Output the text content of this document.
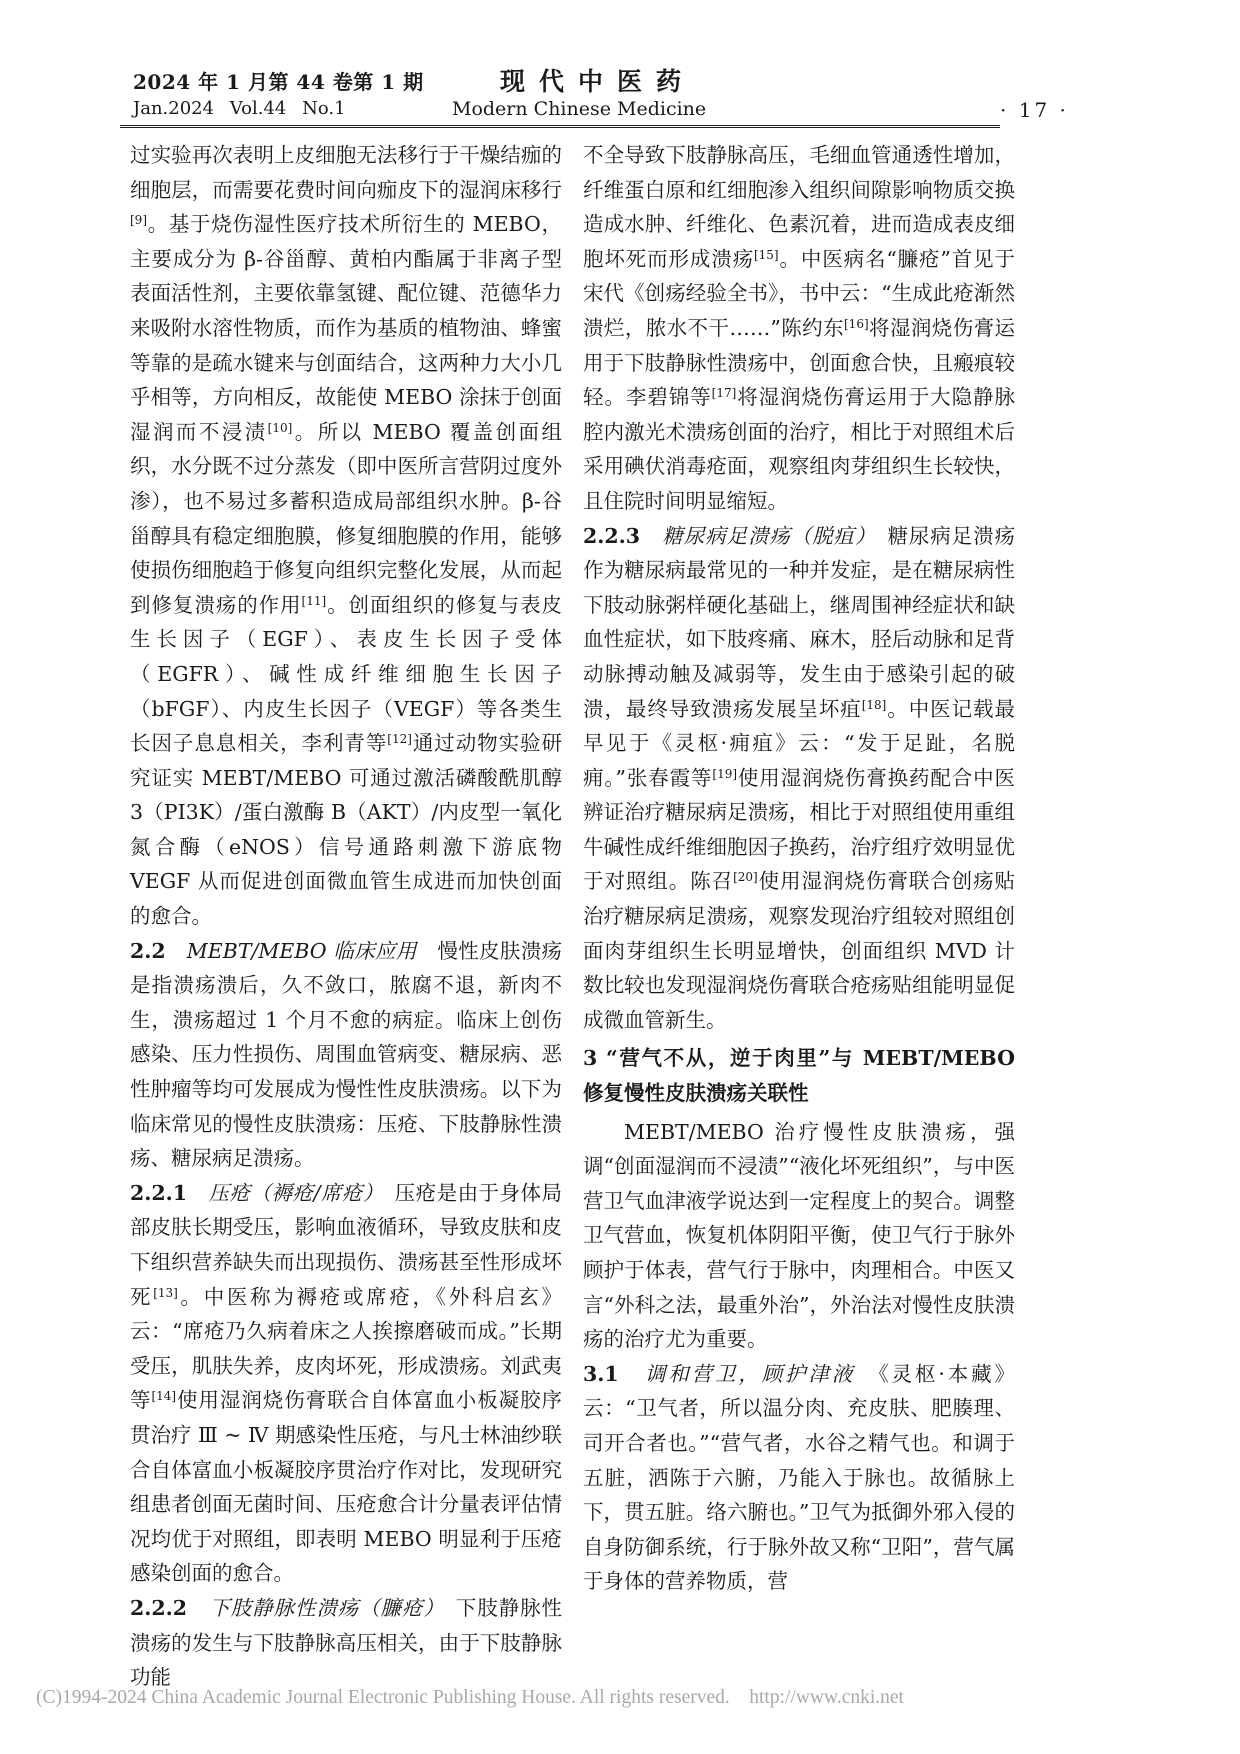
2024 年 1 月第 44 卷第 1 期	现代中医药
Jan.2024 Vol.44 No.1	Modern Chinese Medicine	· 17 ·

过实验再次表明上皮细胞无法移行于干燥结痂的细胞层，而需要花费时间向痂皮下的湿润床移行[9]。基于烧伤湿性医疗技术所衍生的 MEBO，主要成分为 β-谷甾醇、黄柏内酯属于非离子型表面活性剂，主要依靠氢键、配位键、范德华力来吸附水溶性物质，而作为基质的植物油、蜂蜜等靠的是疏水键来与创面结合，这两种力大小几乎相等，方向相反，故能使 MEBO 涂抹于创面湿润而不浸渍[10]。所以 MEBO 覆盖创面组织，水分既不过分蒸发（即中医所言营阴过度外渗），也不易过多蓄积造成局部组织水肿。β-谷甾醇具有稳定细胞膜，修复细胞膜的作用，能够使损伤细胞趋于修复向组织完整化发展，从而起到修复溃疡的作用[11]。创面组织的修复与表皮生长因子（EGF）、表皮生长因子受体（EGFR）、碱性成纤维细胞生长因子（bFGF）、内皮生长因子（VEGF）等各类生长因子息息相关，李利青等[12]通过动物实验研究证实 MEBT/MEBO 可通过激活磷酸酰肌醇 3（PI3K）/蛋白激酶 B（AKT）/内皮型一氧化氮合酶（eNOS）信号通路刺激下游底物 VEGF 从而促进创面微血管生成进而加快创面的愈合。

2.2　 MEBT/MEBO 临床应用　 慢性皮肤溃疡是指溃疡溃后，久不敛口，脓腐不退，新肉不生，溃疡超过 1 个月不愈的病症。临床上创伤感染、压力性损伤、周围血管病变、糖尿病、恶性肿瘤等均可发展成为慢性性皮肤溃疡。以下为临床常见的慢性皮肤溃疡：压疮、下肢静脉性溃疡、糖尿病足溃疡。

2.2.1　 压疮（褥疮/席疮）　 压疮是由于身体局部皮肤长期受压，影响血液循环，导致皮肤和皮下组织营养缺失而出现损伤、溃疡甚至性形成坏死[13]。中医称为褥疮或席疮，《外科启玄》云：“席疮乃久病着床之人挨擦磨破而成。”长期受压，肌肤失养，皮肉坏死，形成溃疡。刘武夷等[14]使用湿润烧伤膏联合自体富血小板凝胶序贯治疗 Ⅲ ~ Ⅳ 期感染性压疮，与凡士林油纱联合自体富血小板凝胶序贯治疗作对比，发现研究组患者创面无菌时间、压疮愈合计分量表评估情况均优于对照组，即表明 MEBO 明显利于压疮感染创面的愈合。

2.2.2　 下肢静脉性溃疡（臁疮）　 下肢静脉性溃疡的发生与下肢静脉高压相关，由于下肢静脉功能

不全导致下肢静脉高压，毛细血管通透性增加，纤维蛋白原和红细胞渗入组织间隙影响物质交换造成水肿、纤维化、色素沉着，进而造成表皮细胞坏死而形成溃疡[15]。中医病名“臁疮”首见于宋代《创疡经验全书》，书中云：“生成此疮渐然溃烂，脓水不干……”陈约东[16]将湿润烧伤膏运用于下肢静脉性溃疡中，创面愈合快，且瘢痕较轻。李碧锦等[17]将湿润烧伤膏运用于大隐静脉腔内激光术溃疡创面的治疗，相比于对照组术后采用碘伏消毒疮面，观察组肉芽组织生长较快，且住院时间明显缩短。

2.2.3　 糖尿病足溃疡（脱疽）　 糖尿病足溃疡作为糖尿病最常见的一种并发症，是在糖尿病性下肢动脉粥样硬化基础上，继周围神经症状和缺血性症状，如下肢疼痛、麻木，胫后动脉和足背动脉搏动触及减弱等，发生由于感染引起的破溃，最终导致溃疡发展呈坏疽[18]。中医记载最早见于《灵枢·痈疽》云：“发于足趾，名脱痈。”张春霞等[19]使用湿润烧伤膏换药配合中医辨证治疗糖尿病足溃疡，相比于对照组使用重组牛碱性成纤维细胞因子换药，治疗组疗效明显优于对照组。陈召[20]使用湿润烧伤膏联合创疡贴治疗糖尿病足溃疡，观察发现治疗组较对照组创面肉芽组织生长明显增快，创面组织 MVD 计数比较也发现湿润烧伤膏联合疮疡贴组能明显促成微血管新生。

3 “营气不从，逆于肉里”与 MEBT/MEBO 修复慢性皮肤溃疡关联性

MEBT/MEBO 治疗慢性皮肤溃疡，强调“创面湿润而不浸渍”“液化坏死组织”，与中医营卫气血津液学说达到一定程度上的契合。调整卫气营血，恢复机体阴阳平衡，使卫气行于脉外顾护于体表，营气行于脉中，肉理相合。中医又言“外科之法，最重外治”，外治法对慢性皮肤溃疡的治疗尤为重要。

3.1　 调和营卫，顾护津液　 《灵枢·本藏》云：“卫气者，所以温分肉、充皮肤、肥腠理、司开合者也。”“营气者，水谷之精气也。和调于五脏，洒陈于六腑，乃能入于脉也。故循脉上下，贯五脏。络六腑也。”卫气为抵御外邪入侵的自身防御系统，行于脉外故又称“卫阳”，营气属于身体的营养物质，营

(C)1994-2024 China Academic Journal Electronic Publishing House. All rights reserved.    http://www.cnki.net
